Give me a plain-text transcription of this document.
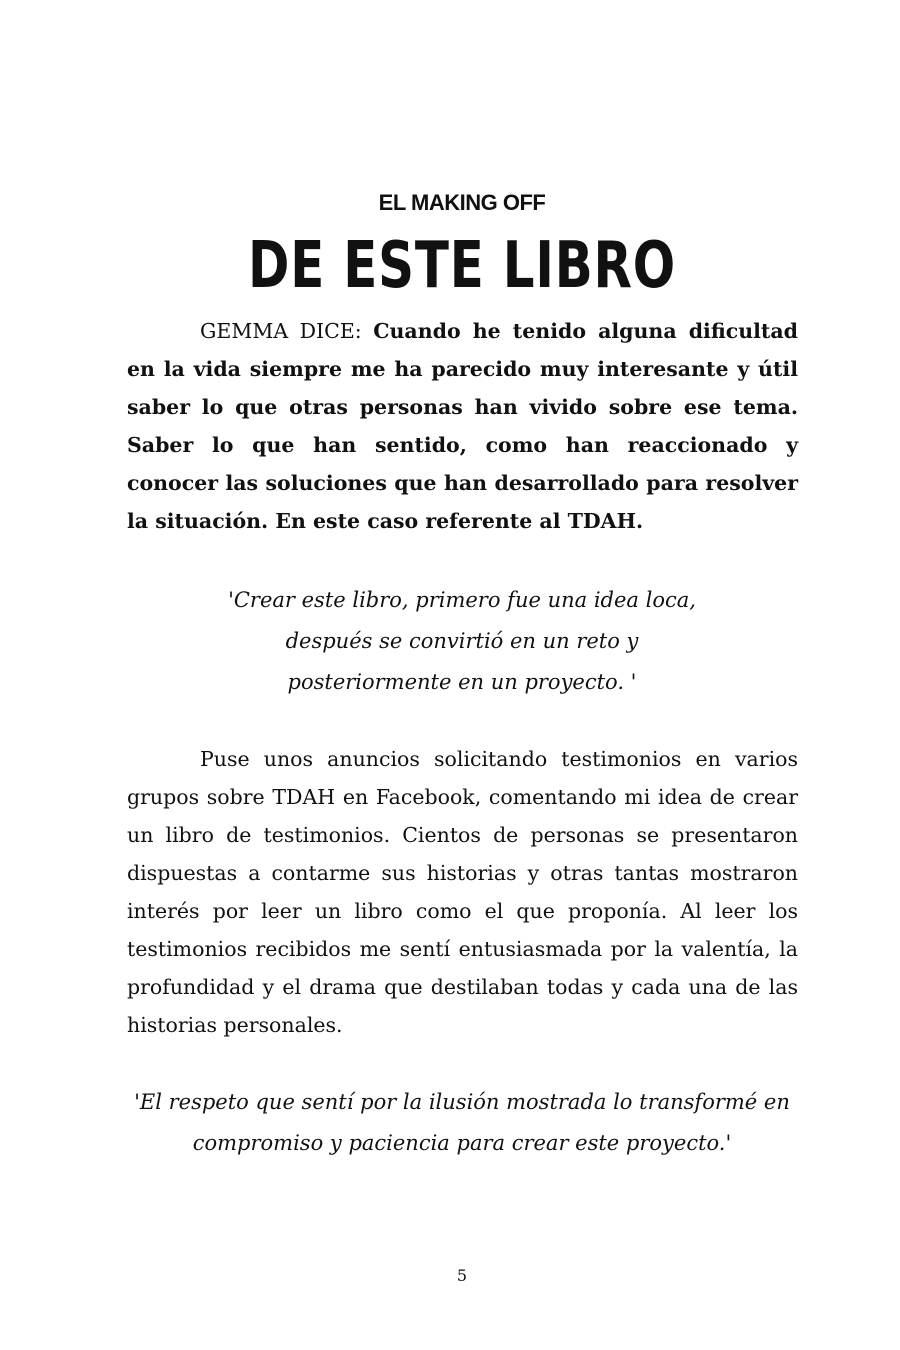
EL MAKING OFF
DE ESTE LIBRO

GEMMA DICE: Cuando he tenido alguna dificultad en la vida siempre me ha parecido muy interesante y útil saber lo que otras personas han vivido sobre ese tema. Saber lo que han sentido, como han reaccionado y conocer las soluciones que han desarrollado para resolver la situación. En este caso referente al TDAH.

'Crear este libro, primero fue una idea loca,
después se convirtió en un reto y
posteriormente en un proyecto. '

Puse unos anuncios solicitando testimonios en varios grupos sobre TDAH en Facebook, comentando mi idea de crear un libro de testimonios. Cientos de personas se presentaron dispuestas a contarme sus historias y otras tantas mostraron interés por leer un libro como el que proponía. Al leer los testimonios recibidos me sentí entusiasmada por la valentía, la profundidad y el drama que destilaban todas y cada una de las historias personales.

'El respeto que sentí por la ilusión mostrada lo transformé en
compromiso y paciencia para crear este proyecto.'
5
